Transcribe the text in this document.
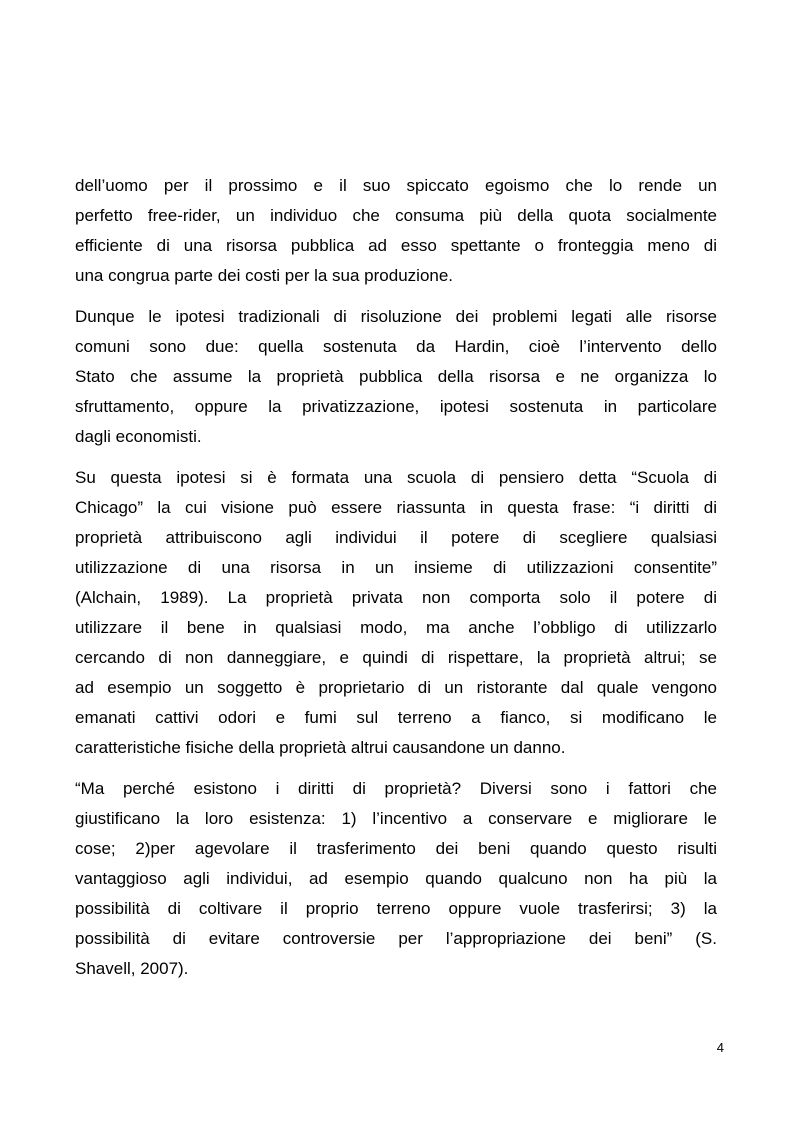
dell’uomo per il prossimo e il suo spiccato egoismo che lo rende un
perfetto free-rider, un individuo che consuma più della quota socialmente
efficiente di una risorsa pubblica ad esso spettante o fronteggia meno di
una congrua parte dei costi per la sua produzione.

Dunque le ipotesi tradizionali di risoluzione dei problemi legati alle risorse
comuni sono due: quella sostenuta da Hardin, cioè l’intervento dello
Stato che assume la proprietà pubblica della risorsa e ne organizza lo
sfruttamento, oppure la privatizzazione, ipotesi sostenuta in particolare
dagli economisti.

Su questa ipotesi si è formata una scuola di pensiero detta “Scuola di
Chicago” la cui visione può essere riassunta in questa frase: “i diritti di
proprietà attribuiscono agli individui il potere di scegliere qualsiasi
utilizzazione di una risorsa in un insieme di utilizzazioni consentite”
(Alchain, 1989). La proprietà privata non comporta solo il potere di
utilizzare il bene in qualsiasi modo, ma anche l’obbligo di utilizzarlo
cercando di non danneggiare, e quindi di rispettare, la proprietà altrui; se
ad esempio un soggetto è proprietario di un ristorante dal quale vengono
emanati cattivi odori e fumi sul terreno a fianco, si modificano le
caratteristiche fisiche della proprietà altrui causandone un danno.

“Ma perché esistono i diritti di proprietà? Diversi sono i fattori che
giustificano la loro esistenza: 1) l’incentivo a conservare e migliorare le
cose; 2)per agevolare il trasferimento dei beni quando questo risulti
vantaggioso agli individui, ad esempio quando qualcuno non ha più la
possibilità di coltivare il proprio terreno oppure vuole trasferirsi; 3) la
possibilità di evitare controversie per l’appropriazione dei beni” (S.
Shavell, 2007).

4
